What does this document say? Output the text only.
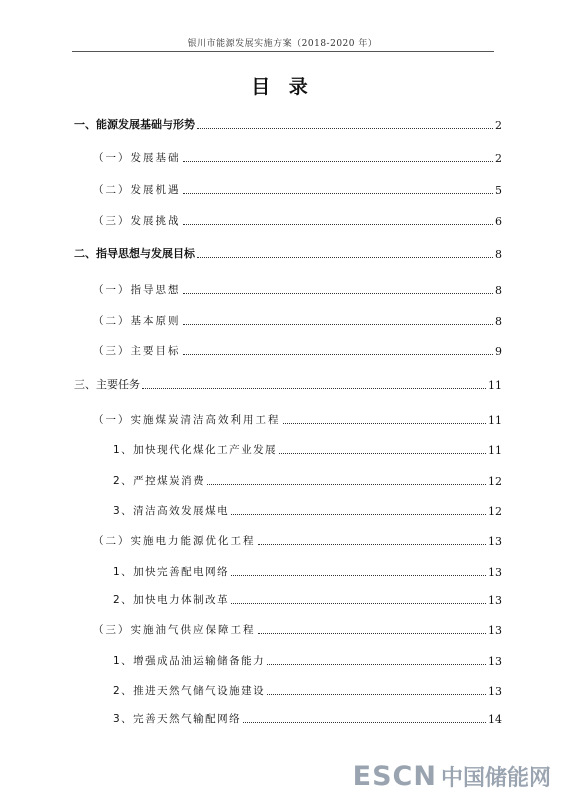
银川市能源发展实施方案（2018-2020 年）
目 录
一、能源发展基础与形势	2
（一）发展基础	2
（二）发展机遇	5
（三）发展挑战	6
二、指导思想与发展目标	8
（一）指导思想	8
（二）基本原则	8
（三）主要目标	9
三、主要任务	11
（一）实施煤炭清洁高效利用工程	11
1、加快现代化煤化工产业发展	11
2、严控煤炭消费	12
3、清洁高效发展煤电	12
（二）实施电力能源优化工程	13
1、加快完善配电网络	13
2、加快电力体制改革	13
（三）实施油气供应保障工程	13
1、增强成品油运输储备能力	13
2、推进天然气储气设施建设	13
3、完善天然气输配网络	14
ESCN 中国储能网
